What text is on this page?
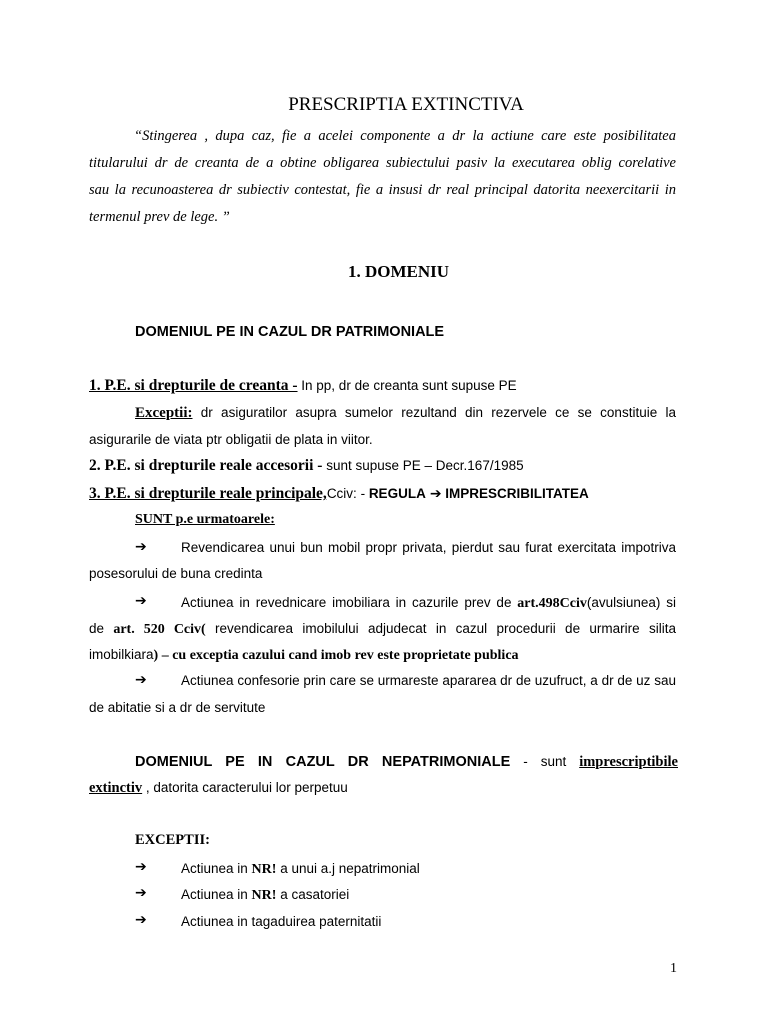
PRESCRIPTIA EXTINCTIVA
“Stingerea , dupa caz, fie a acelei componente a dr la actiune care este posibilitatea
titularului dr de creanta de a obtine obligarea subiectului pasiv la executarea oblig corelative
sau la recunoasterea dr subiectiv contestat, fie a insusi dr real principal datorita neexercitarii in
termenul prev de lege. ”
1. DOMENIU
DOMENIUL PE IN CAZUL DR PATRIMONIALE
1. P.E. si drepturile de creanta - In pp, dr de creanta sunt supuse PE
Exceptii: dr asiguratilor asupra sumelor rezultand din rezervele ce se constituie la
asigurarile de viata ptr obligatii de plata in viitor.
2. P.E. si drepturile reale accesorii - sunt supuse PE – Decr.167/1985
3. P.E. si drepturile reale principale,Cciv: - REGULA ➔ IMPRESCRIBILITATEA
SUNT p.e urmatoarele:
➔	Revendicarea unui bun mobil propr privata, pierdut sau furat exercitata impotriva
posesorului de buna credinta
➔	Actiunea in revednicare imobiliara in cazurile prev de art.498Cciv(avulsiunea) si
de art. 520 Cciv( revendicarea imobilului adjudecat in cazul procedurii de urmarire silita
imobilkiara) – cu exceptia cazului cand imob rev este proprietate publica
➔	Actiunea confesorie prin care se urmareste apararea dr de uzufruct, a dr de uz sau
de abitatie si a dr de servitute
DOMENIUL PE IN CAZUL DR NEPATRIMONIALE - sunt imprescriptibile
extinctiv , datorita caracterului lor perpetuu
EXCEPTII:
➔	Actiunea in NR! a unui a.j nepatrimonial
➔	Actiunea in NR! a casatoriei
➔	Actiunea in tagaduirea paternitatii
1
